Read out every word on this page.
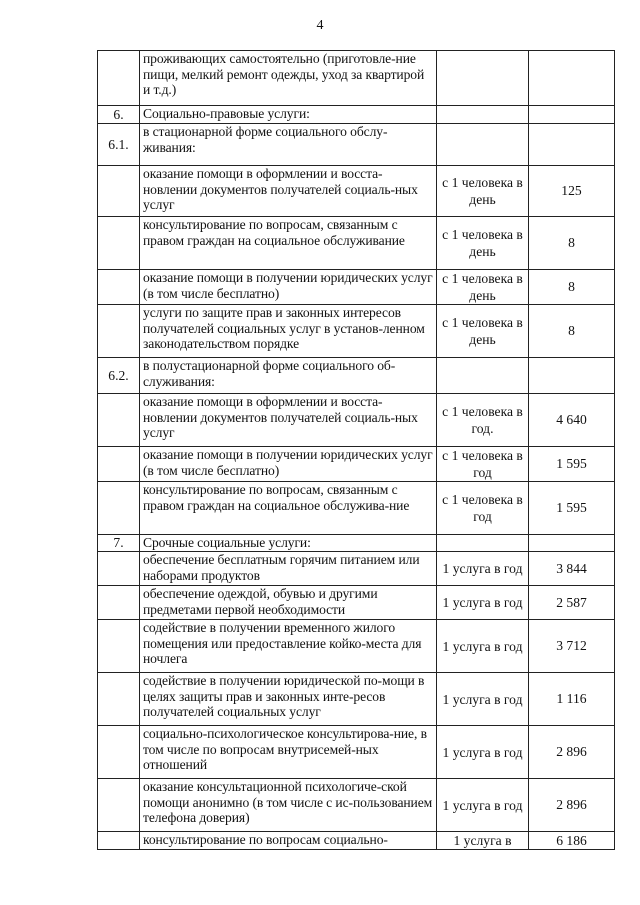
4
	проживающих самостоятельно (приготовле-ние пищи, мелкий ремонт одежды, уход за квартирой и т.д.)		
6.	Социально-правовые услуги:		
6.1.	в стационарной форме социального обслу-живания:		
	оказание помощи в оформлении и восста-новлении документов получателей социаль-ных услуг	с 1 человека в день	125
	консультирование по вопросам, связанным с правом граждан на социальное обслуживание	с 1 человека в день	8
	оказание помощи в получении юридических услуг (в том числе бесплатно)	с 1 человека в день	8
	услуги по защите прав и законных интересов получателей социальных услуг в установ-ленном законодательством порядке	с 1 человека в день	8
6.2.	в полустационарной форме социального об-служивания:		
	оказание помощи в оформлении и восста-новлении документов получателей социаль-ных услуг	с 1 человека в год.	4 640
	оказание помощи в получении юридических услуг (в том числе бесплатно)	с 1 человека в год	1 595
	консультирование по вопросам, связанным с правом граждан на социальное обслужива-ние	с 1 человека в год	1 595
7.	Срочные социальные услуги:		
	обеспечение бесплатным горячим питанием или наборами продуктов	1 услуга в год	3 844
	обеспечение одеждой, обувью и другими предметами первой необходимости	1 услуга в год	2 587
	содействие в получении временного жилого помещения или предоставление койко-места для ночлега	1 услуга в год	3 712
	содействие в получении юридической по-мощи в целях защиты прав и законных инте-ресов получателей социальных услуг	1 услуга в год	1 116
	социально-психологическое консультирова-ние, в том числе по вопросам внутрисемей-ных отношений	1 услуга в год	2 896
	оказание консультационной психологиче-ской помощи анонимно (в том числе с ис-пользованием телефона доверия)	1 услуга в год	2 896
	консультирование по вопросам социально-	1 услуга в	6 186
